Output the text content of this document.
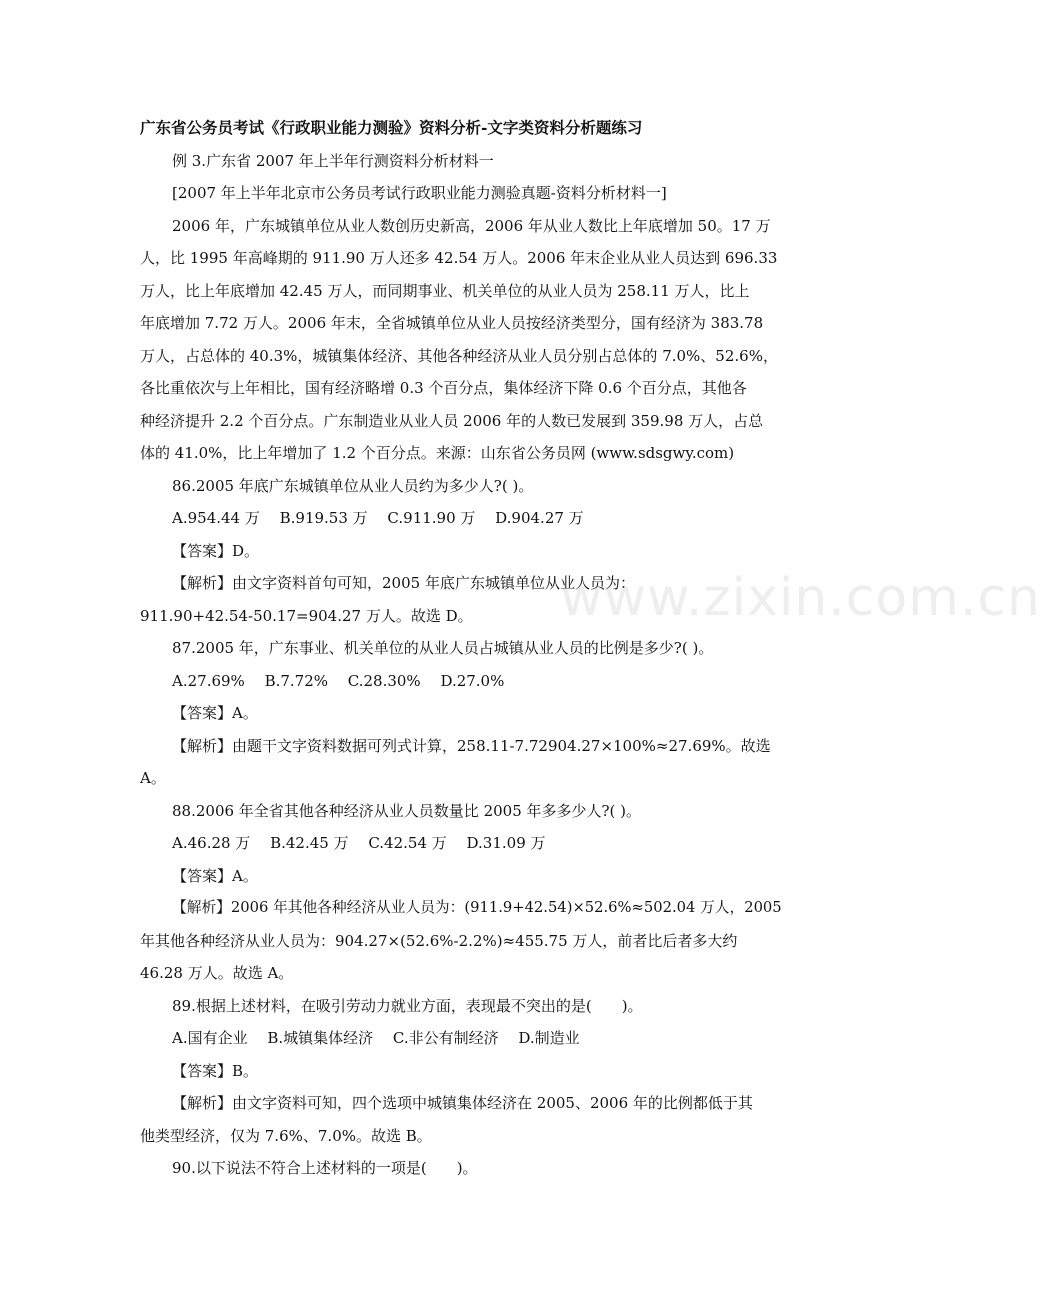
www.zixin.com.cn
广东省公务员考试《行政职业能力测验》资料分析-文字类资料分析题练习
例 3.广东省 2007 年上半年行测资料分析材料一
[2007 年上半年北京市公务员考试行政职业能力测验真题-资料分析材料一]
2006 年，广东城镇单位从业人数创历史新高，2006 年从业人数比上年底增加 50。17 万
人，比 1995 年高峰期的 911.90 万人还多 42.54 万人。2006 年末企业从业人员达到 696.33
万人，比上年底增加 42.45 万人，而同期事业、机关单位的从业人员为 258.11 万人，比上
年底增加 7.72 万人。2006 年末，全省城镇单位从业人员按经济类型分，国有经济为 383.78
万人，占总体的 40.3%，城镇集体经济、其他各种经济从业人员分别占总体的 7.0%、52.6%，
各比重依次与上年相比，国有经济略增 0.3 个百分点，集体经济下降 0.6 个百分点，其他各
种经济提升 2.2 个百分点。广东制造业从业人员 2006 年的人数已发展到 359.98 万人，占总
体的 41.0%，比上年增加了 1.2 个百分点。来源：山东省公务员网 (www.sdsgwy.com)
86.2005 年底广东城镇单位从业人员约为多少人?( )。
A.954.44 万　 B.919.53 万　 C.911.90 万　 D.904.27 万
【答案】D。
【解析】由文字资料首句可知，2005 年底广东城镇单位从业人员为：
911.90+42.54-50.17=904.27 万人。故选 D。
87.2005 年，广东事业、机关单位的从业人员占城镇从业人员的比例是多少?( )。
A.27.69%　 B.7.72%　 C.28.30%　 D.27.0%
【答案】A。
【解析】由题干文字资料数据可列式计算，258.11-7.72904.27×100%≈27.69%。故选
A。
88.2006 年全省其他各种经济从业人员数量比 2005 年多多少人?( )。
A.46.28 万　 B.42.45 万　 C.42.54 万　 D.31.09 万
【答案】A。
【解析】2006 年其他各种经济从业人员为：(911.9+42.54)×52.6%≈502.04 万人，2005
年其他各种经济从业人员为：904.27×(52.6%-2.2%)≈455.75 万人，前者比后者多大约
46.28 万人。故选 A。
89.根据上述材料，在吸引劳动力就业方面，表现最不突出的是(　　)。
A.国有企业　 B.城镇集体经济　 C.非公有制经济　 D.制造业
【答案】B。
【解析】由文字资料可知，四个选项中城镇集体经济在 2005、2006 年的比例都低于其
他类型经济，仅为 7.6%、7.0%。故选 B。
90.以下说法不符合上述材料的一项是(　　)。
